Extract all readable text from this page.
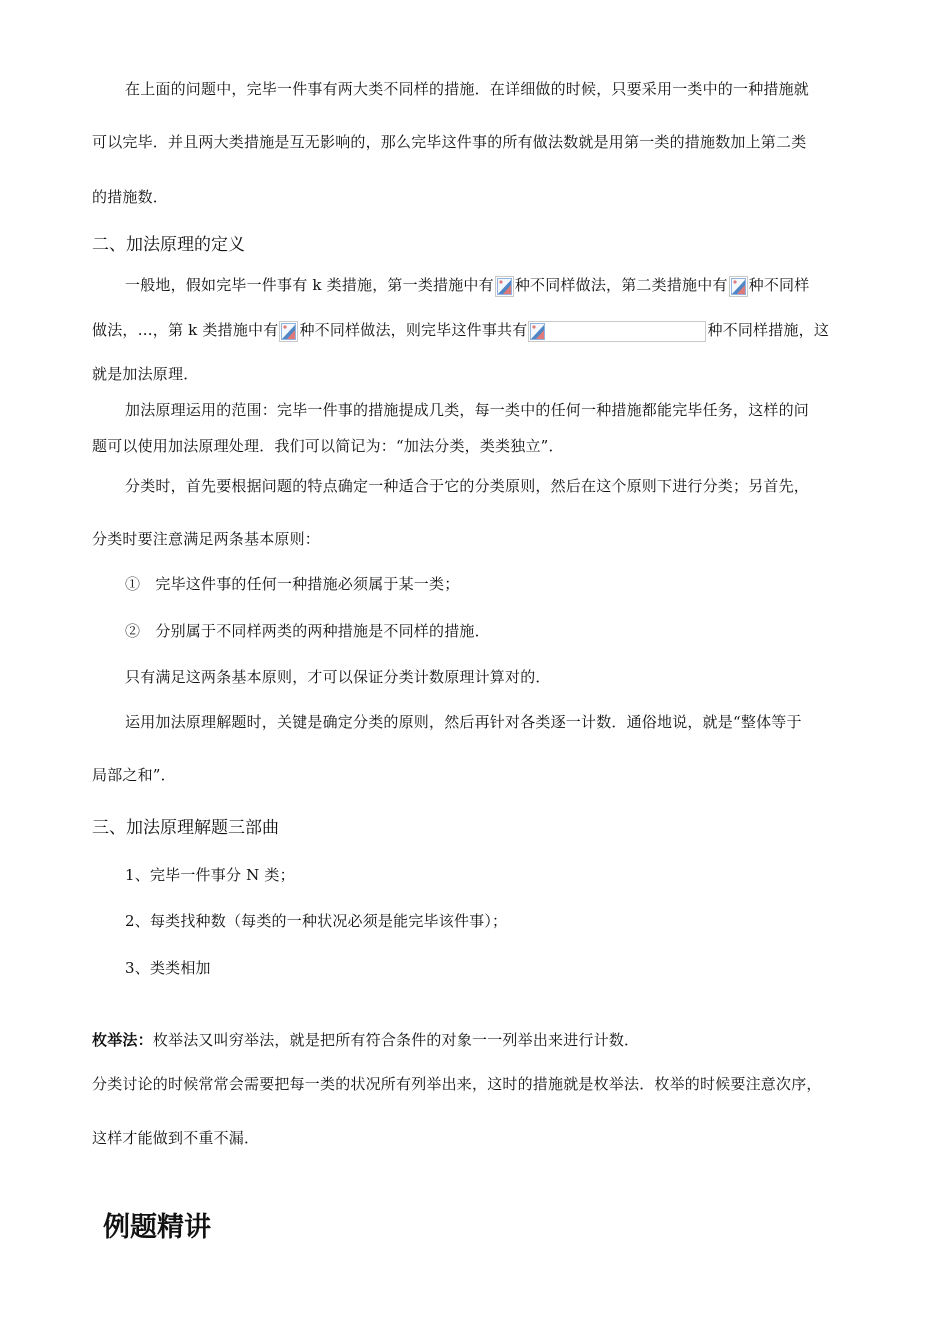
在上面的问题中，完毕一件事有两大类不同样的措施．在详细做的时候，只要采用一类中的一种措施就
可以完毕．并且两大类措施是互无影响的，那么完毕这件事的所有做法数就是用第一类的措施数加上第二类
的措施数．
二、加法原理的定义
一般地，假如完毕一件事有 k 类措施，第一类措施中有 种不同样做法，第二类措施中有 种不同样
做法，…，第 k 类措施中有 种不同样做法，则完毕这件事共有	种不同样措施，这
就是加法原理．
加法原理运用的范围：完毕一件事的措施提成几类，每一类中的任何一种措施都能完毕任务，这样的问
题可以使用加法原理处理．我们可以简记为：“加法分类，类类独立”．
分类时，首先要根据问题的特点确定一种适合于它的分类原则，然后在这个原则下进行分类；另首先，
分类时要注意满足两条基本原则：
①　完毕这件事的任何一种措施必须属于某一类；
②　分别属于不同样两类的两种措施是不同样的措施．
只有满足这两条基本原则，才可以保证分类计数原理计算对的．
运用加法原理解题时，关键是确定分类的原则，然后再针对各类逐一计数．通俗地说，就是“整体等于
局部之和”．
三、加法原理解题三部曲
1、完毕一件事分 N 类；
2、每类找种数（每类的一种状况必须是能完毕该件事）；
3、类类相加
枚举法：枚举法又叫穷举法，就是把所有符合条件的对象一一列举出来进行计数．
分类讨论的时候常常会需要把每一类的状况所有列举出来，这时的措施就是枚举法．枚举的时候要注意次序，
这样才能做到不重不漏．
例题精讲
